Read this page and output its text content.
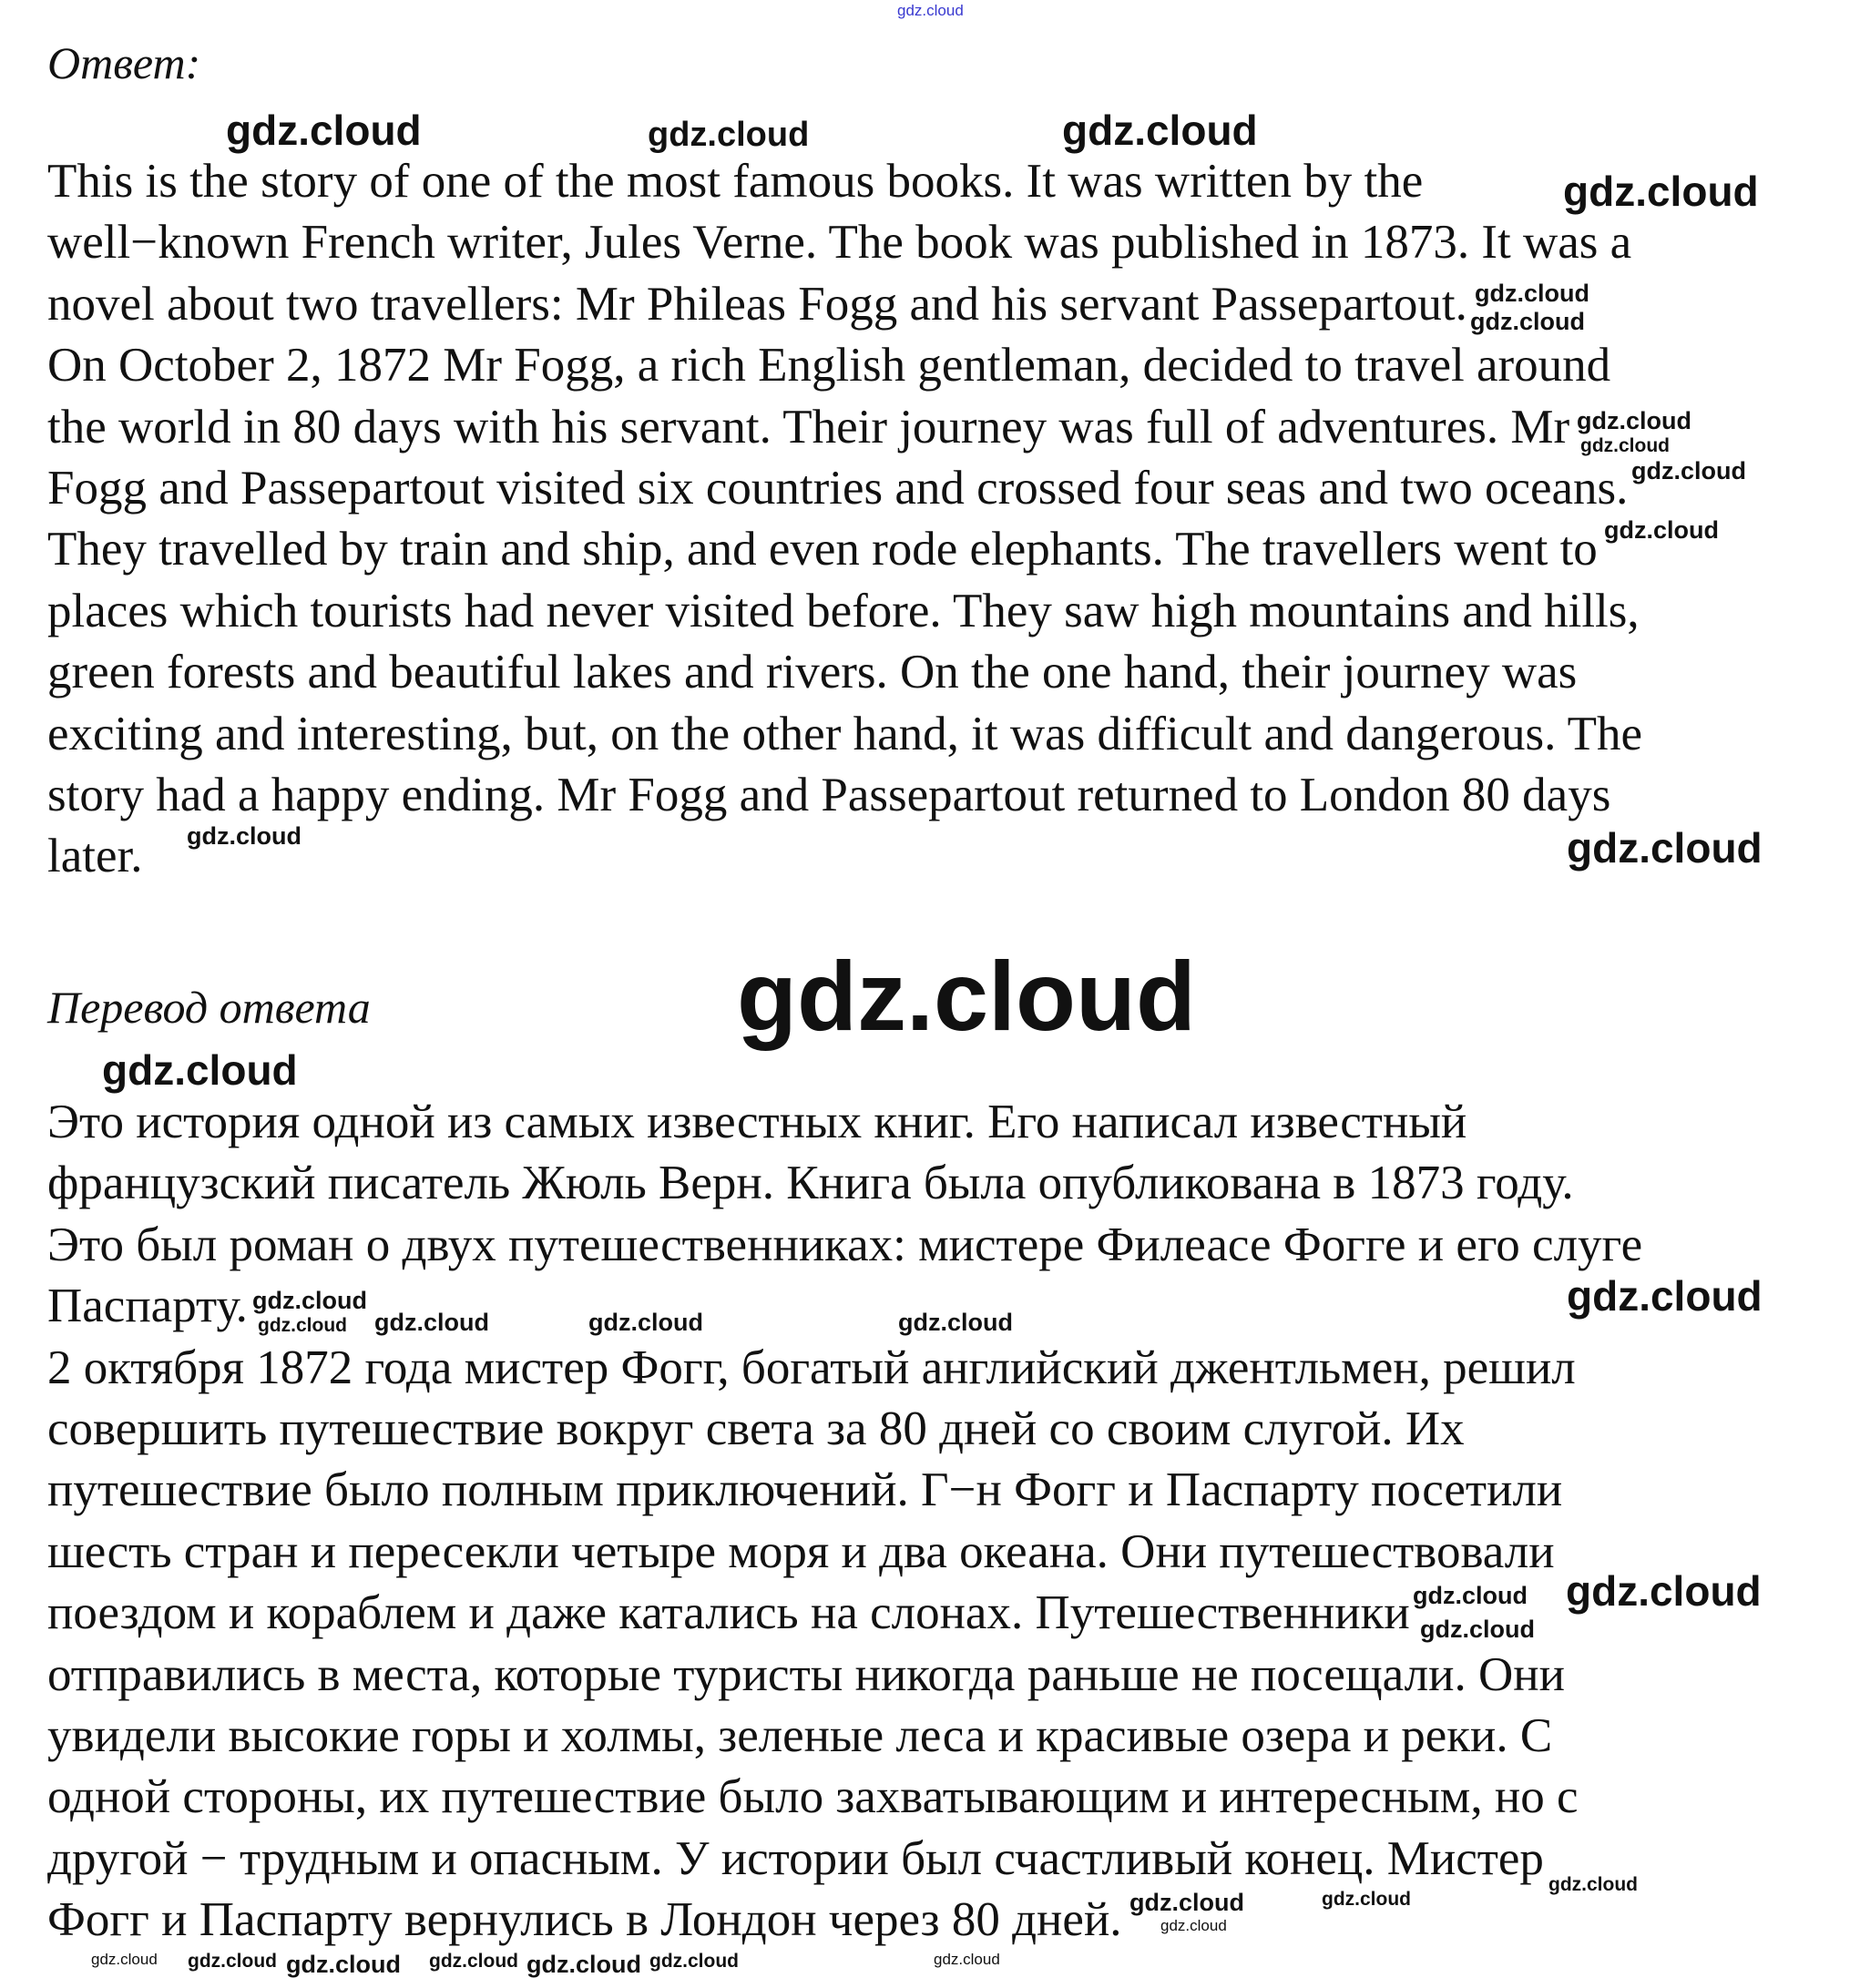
Ответ:
This is the story of one of the most famous books. It was written by the
well−known French writer, Jules Verne. The book was published in 1873. It was a
novel about two travellers: Mr Phileas Fogg and his servant Passepartout.
On October 2, 1872 Mr Fogg, a rich English gentleman, decided to travel around
the world in 80 days with his servant. Their journey was full of adventures. Mr
Fogg and Passepartout visited six countries and crossed four seas and two oceans.
They travelled by train and ship, and even rode elephants. The travellers went to
places which tourists had never visited before. They saw high mountains and hills,
green forests and beautiful lakes and rivers. On the one hand, their journey was
exciting and interesting, but, on the other hand, it was difficult and dangerous. The
story had a happy ending. Mr Fogg and Passepartout returned to London 80 days
later.
Перевод ответа
Это история одной из самых известных книг. Его написал известный
французский писатель Жюль Верн. Книга была опубликована в 1873 году.
Это был роман о двух путешественниках: мистере Филеасе Фогге и его слуге
Паспарту.
2 октября 1872 года мистер Фогг, богатый английский джентльмен, решил
совершить путешествие вокруг света за 80 дней со своим слугой. Их
путешествие было полным приключений. Г−н Фогг и Паспарту посетили
шесть стран и пересекли четыре моря и два океана. Они путешествовали
поездом и кораблем и даже катались на слонах. Путешественники
отправились в места, которые туристы никогда раньше не посещали. Они
увидели высокие горы и холмы, зеленые леса и красивые озера и реки. С
одной стороны, их путешествие было захватывающим и интересным, но с
другой − трудным и опасным. У истории был счастливый конец. Мистер
Фогг и Паспарту вернулись в Лондон через 80 дней.
gdz.cloud
gdz.cloud	gdz.cloud	gdz.cloud
gdz.cloud
gdz.cloud
gdz.cloud
gdz.cloud
gdz.cloud
gdz.cloud
gdz.cloud
gdz.cloud	gdz.cloud
gdz.cloud
gdz.cloud
gdz.cloud
gdz.cloud
gdz.cloud
gdz.cloud	gdz.cloud	gdz.cloud
gdz.cloud gdz.cloud
gdz.cloud	gdz.cloud
gdz.cloud
gdz.cloud
gdz.cloud gdz.cloud	gdz.cloud	gdz.cloud	gdz.cloud
gdz.cloud
gdz.cloud
gdz.cloud
